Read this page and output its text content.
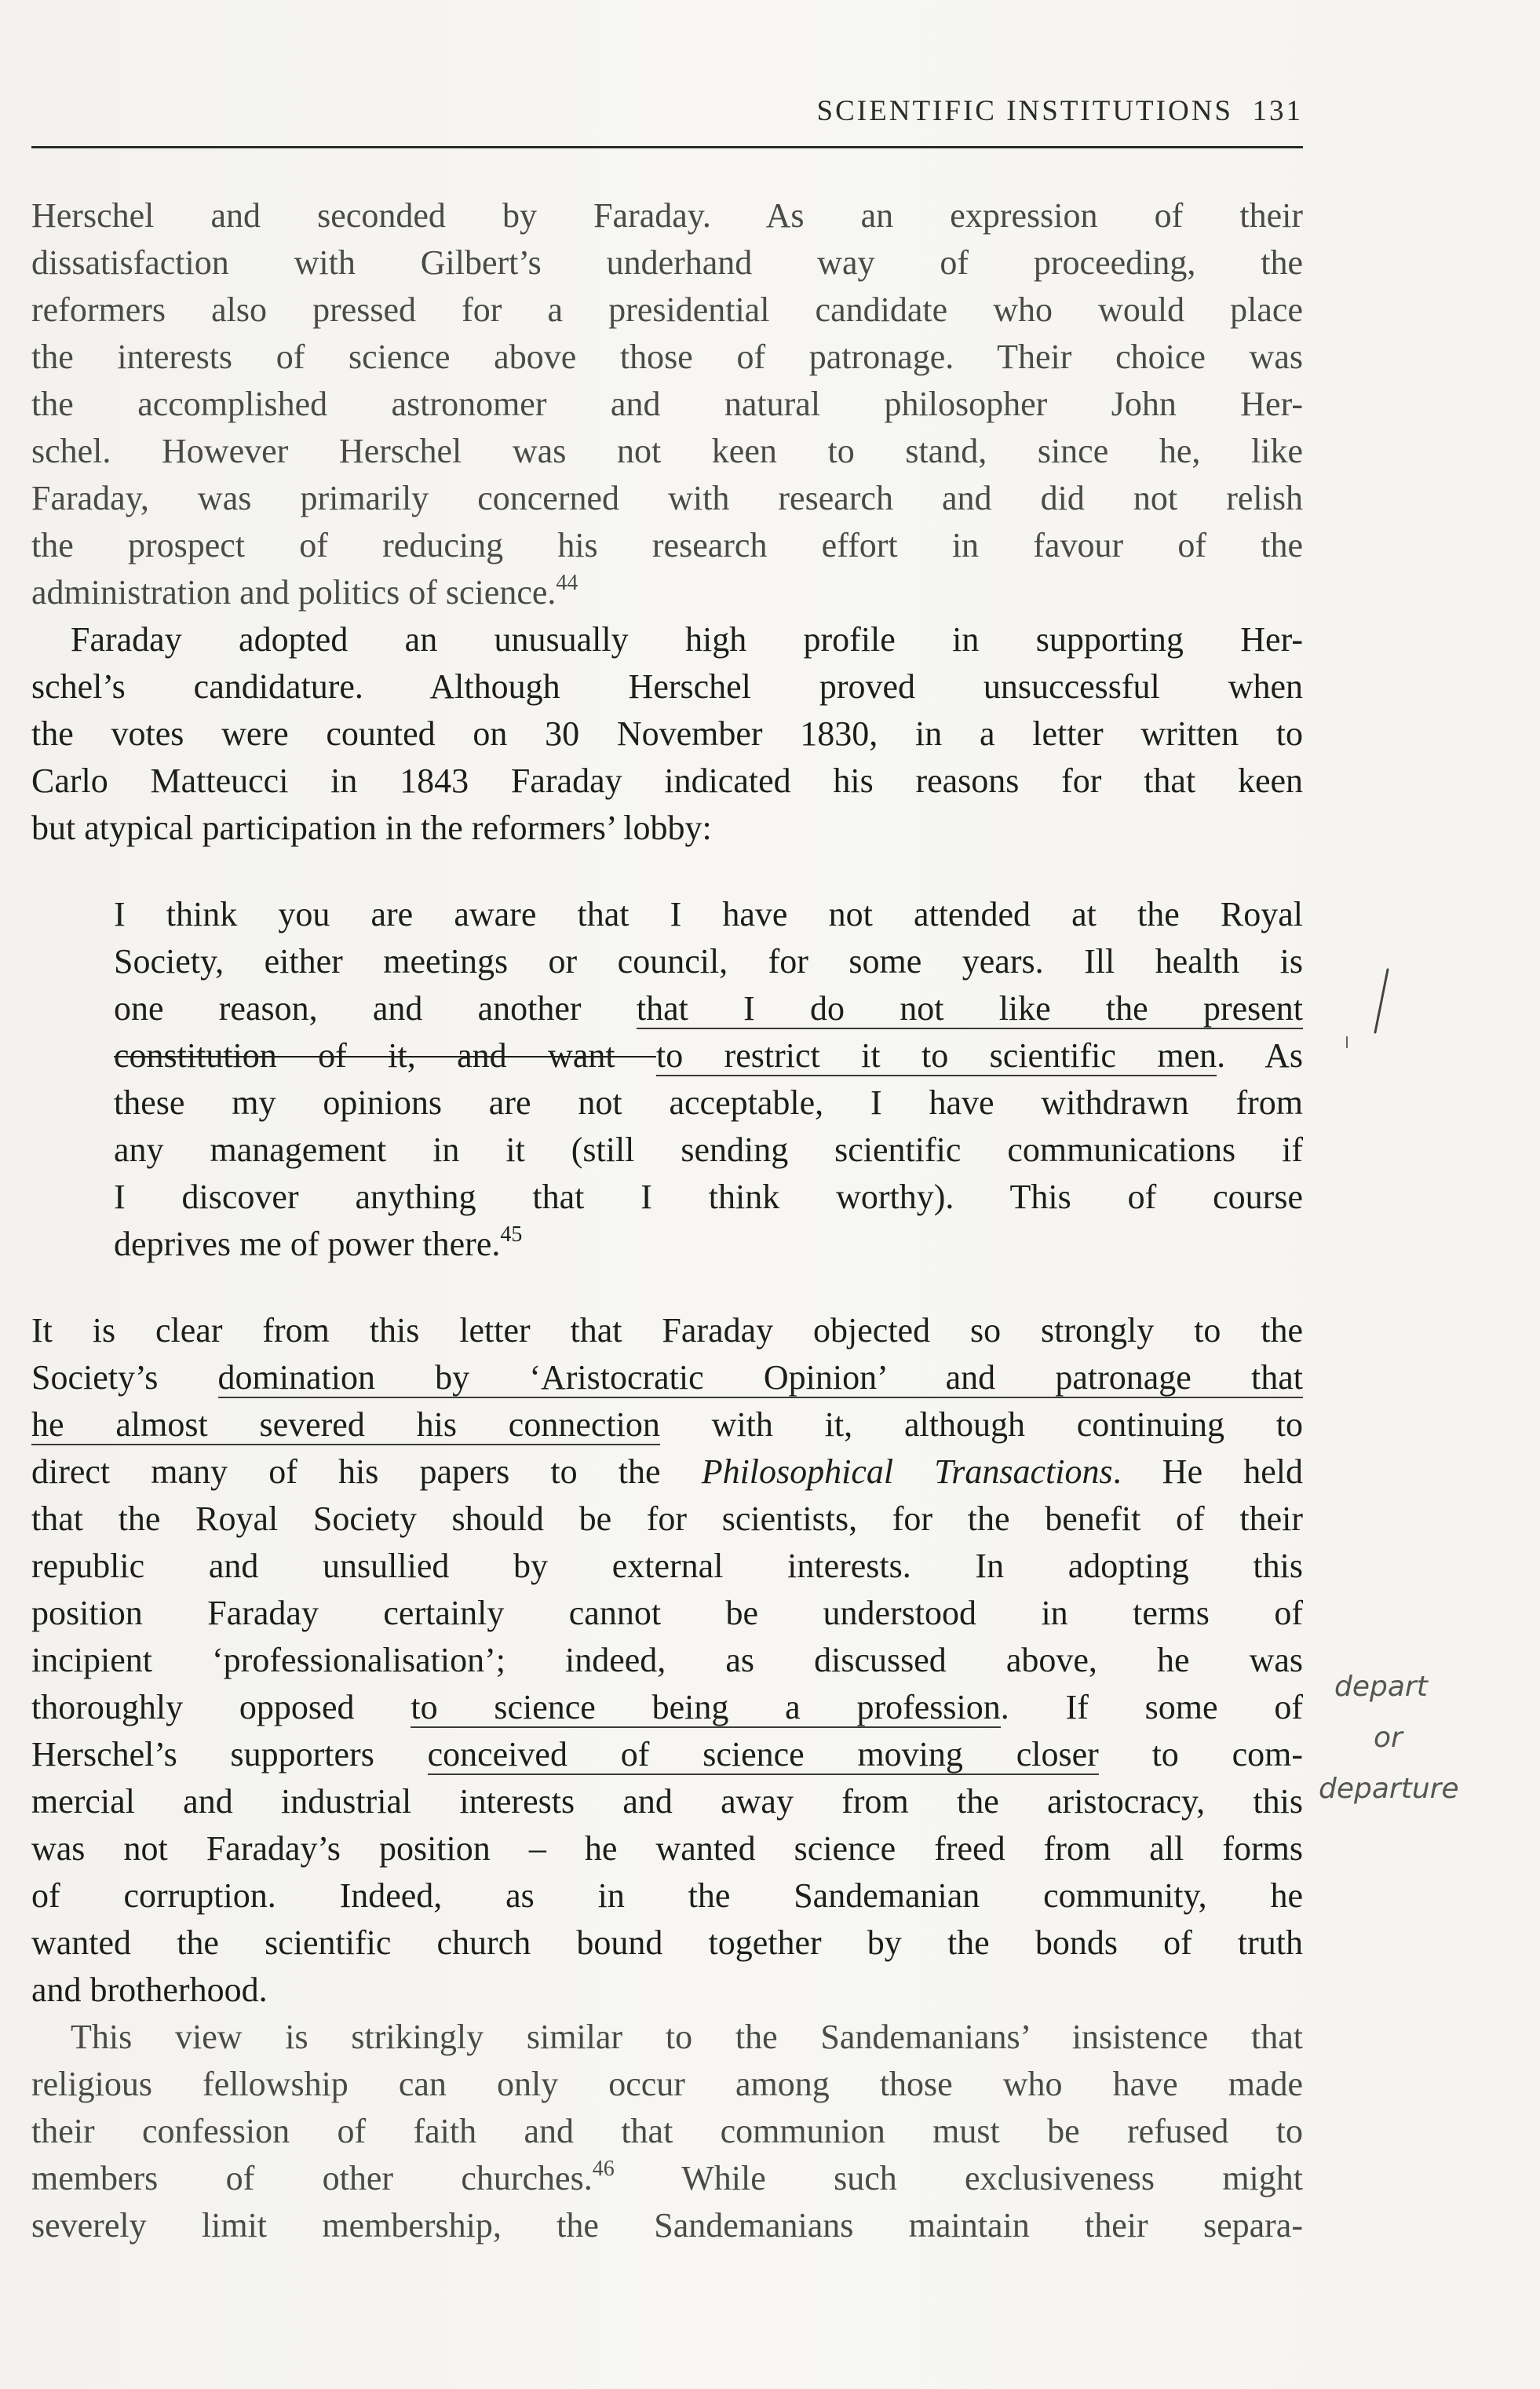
SCIENTIFIC INSTITUTIONS 131
Herschel and seconded by Faraday. As an expression of their
dissatisfaction with Gilbert’s underhand way of proceeding, the
reformers also pressed for a presidential candidate who would place
the interests of science above those of patronage. Their choice was
the accomplished astronomer and natural philosopher John Her-
schel. However Herschel was not keen to stand, since he, like
Faraday, was primarily concerned with research and did not relish
the prospect of reducing his research effort in favour of the
administration and politics of science.$^{44}$
Faraday adopted an unusually high profile in supporting Her-
schel’s candidature. Although Herschel proved unsuccessful when
the votes were counted on 30 November 1830, in a letter written to
Carlo Matteucci in 1843 Faraday indicated his reasons for that keen
but atypical participation in the reformers’ lobby:
I think you are aware that I have not attended at the Royal
Society, either meetings or council, for some years. Ill health is
one reason, and another that I do not like the present
constitution of it, and want to restrict it to scientific men. As
these my opinions are not acceptable, I have withdrawn from
any management in it (still sending scientific communications if
I discover anything that I think worthy). This of course
deprives me of power there.$^{45}$
It is clear from this letter that Faraday objected so strongly to the
Society’s domination by ‘Aristocratic Opinion’ and patronage that
he almost severed his connection with it, although continuing to
direct many of his papers to the Philosophical Transactions. He held
that the Royal Society should be for scientists, for the benefit of their
republic and unsullied by external interests. In adopting this
position Faraday certainly cannot be understood in terms of
incipient ‘professionalisation’; indeed, as discussed above, he was
thoroughly opposed to science being a profession. If some of
Herschel’s supporters conceived of science moving closer to com-
mercial and industrial interests and away from the aristocracy, this
was not Faraday’s position – he wanted science freed from all forms
of corruption. Indeed, as in the Sandemanian community, he
wanted the scientific church bound together by the bonds of truth
and brotherhood.
This view is strikingly similar to the Sandemanians’ insistence that
religious fellowship can only occur among those who have made
their confession of faith and that communion must be refused to
members of other churches.$^{46}$ While such exclusiveness might
severely limit membership, the Sandemanians maintain their separa-
depart
or
departure
